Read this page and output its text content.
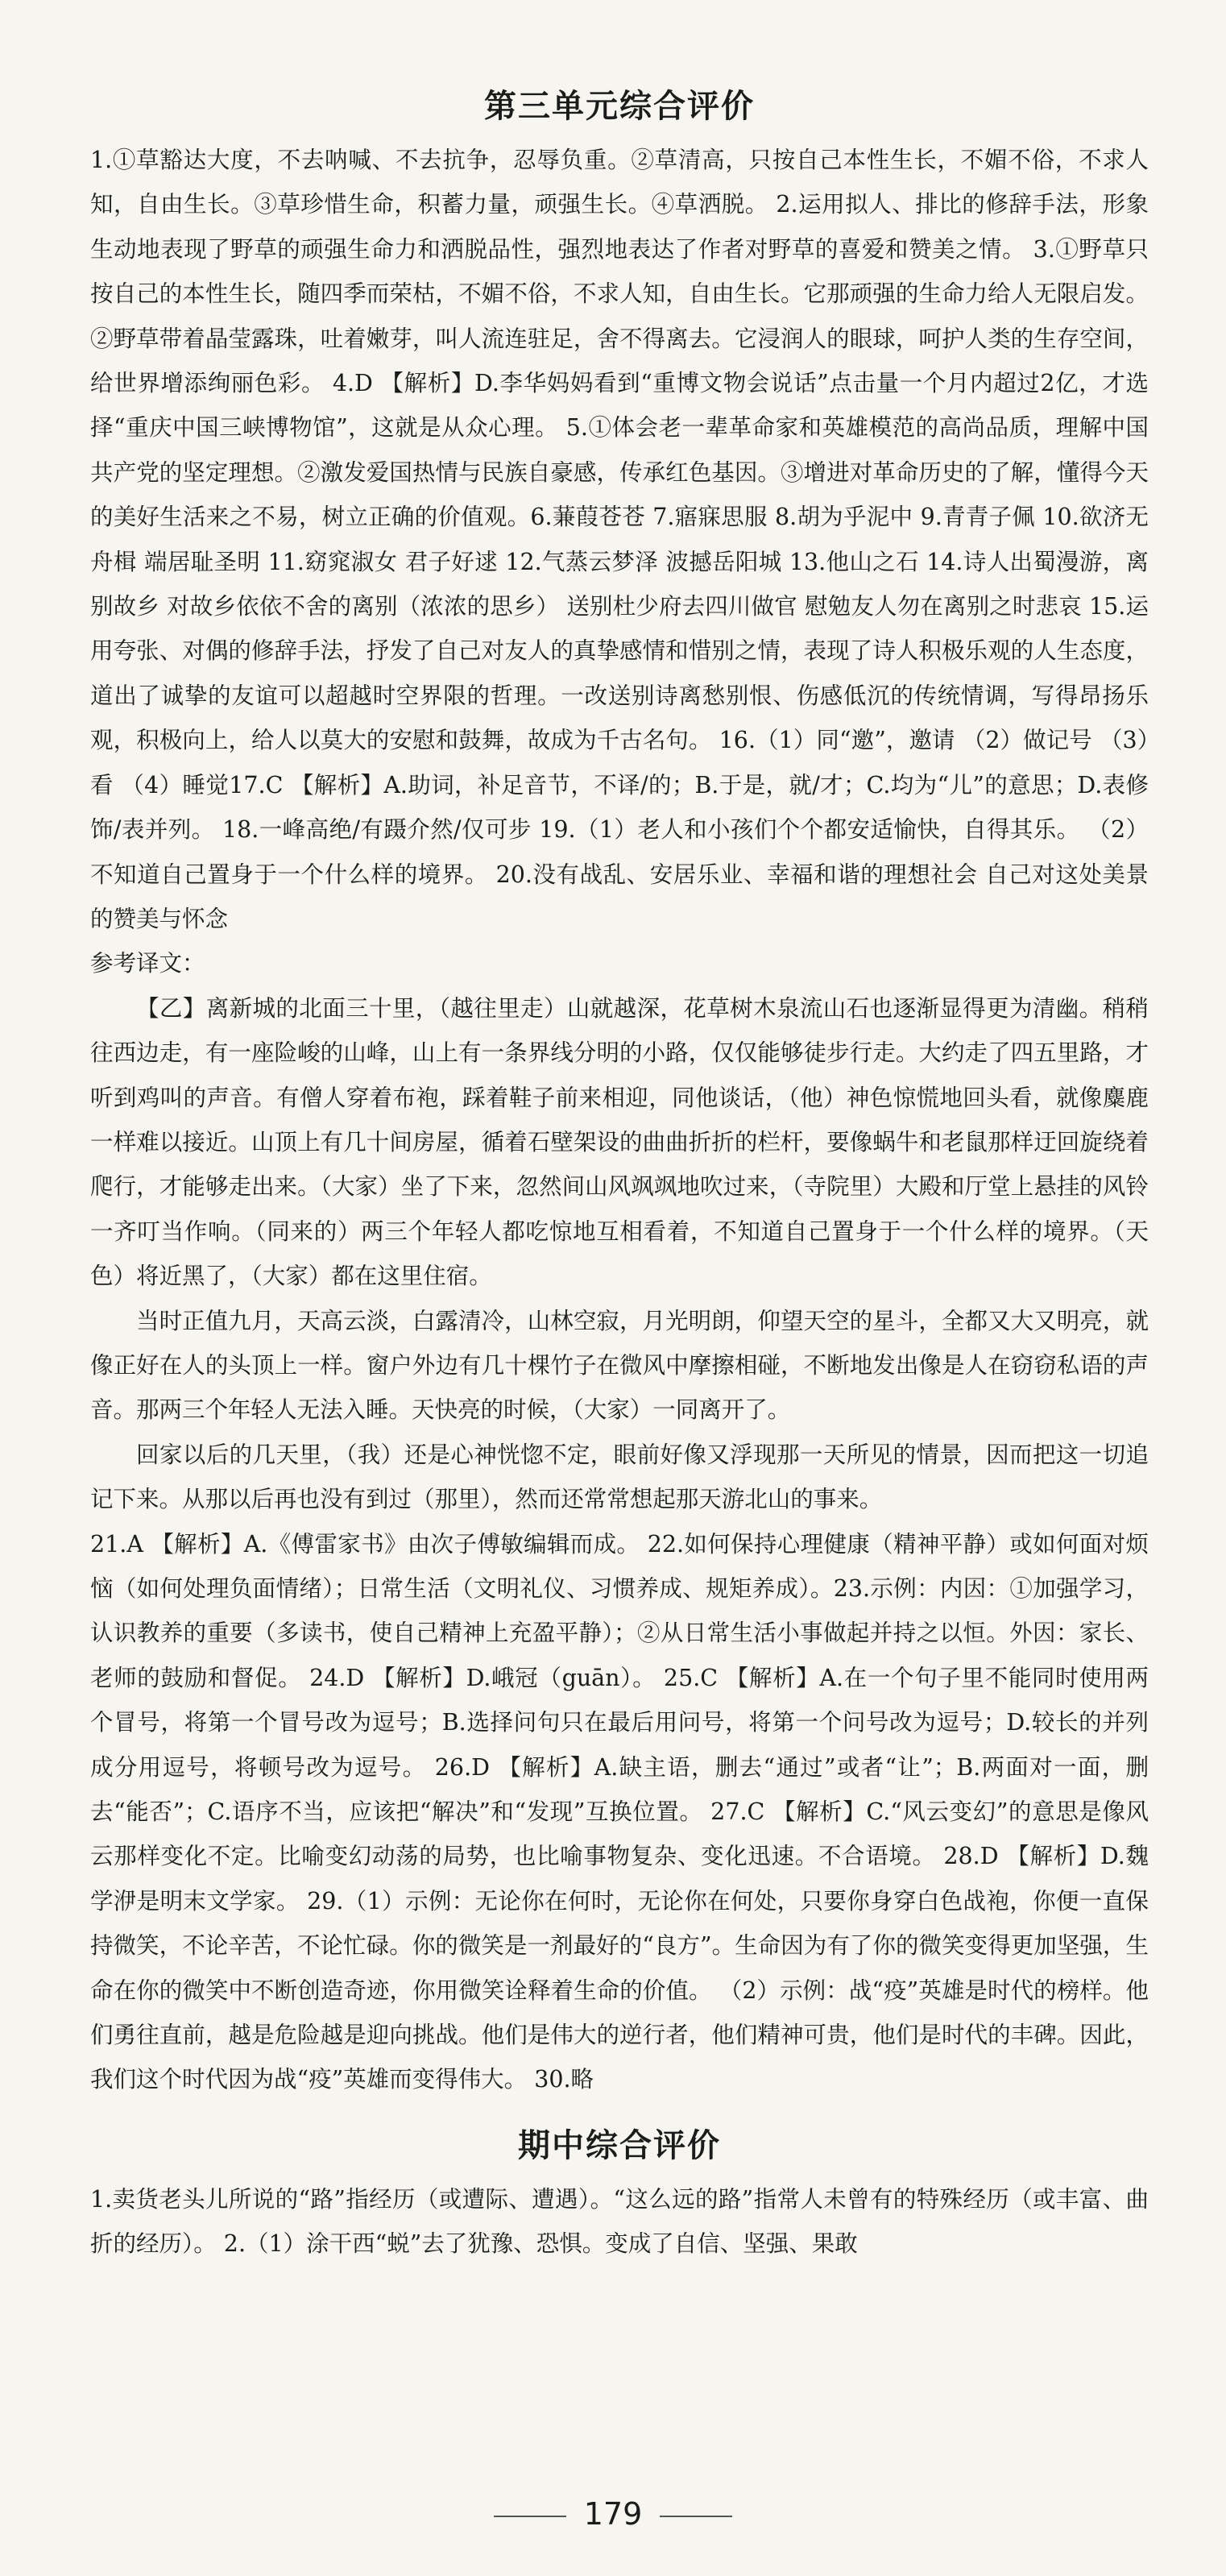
第三单元综合评价

1.①草豁达大度，不去呐喊、不去抗争，忍辱负重。②草清高，只按自己本性生长，不媚不俗，不求人知，自由生长。③草珍惜生命，积蓄力量，顽强生长。④草洒脱。 2.运用拟人、排比的修辞手法，形象生动地表现了野草的顽强生命力和洒脱品性，强烈地表达了作者对野草的喜爱和赞美之情。 3.①野草只按自己的本性生长，随四季而荣枯，不媚不俗，不求人知，自由生长。它那顽强的生命力给人无限启发。②野草带着晶莹露珠，吐着嫩芽，叫人流连驻足，舍不得离去。它浸润人的眼球，呵护人类的生存空间，给世界增添绚丽色彩。 4.D 【解析】D.李华妈妈看到“重博文物会说话”点击量一个月内超过2亿，才选择“重庆中国三峡博物馆”，这就是从众心理。 5.①体会老一辈革命家和英雄模范的高尚品质，理解中国共产党的坚定理想。②激发爱国热情与民族自豪感，传承红色基因。③增进对革命历史的了解，懂得今天的美好生活来之不易，树立正确的价值观。6.蒹葭苍苍 7.寤寐思服 8.胡为乎泥中 9.青青子佩 10.欲济无舟楫 端居耻圣明 11.窈窕淑女 君子好逑 12.气蒸云梦泽 波撼岳阳城 13.他山之石 14.诗人出蜀漫游，离别故乡 对故乡依依不舍的离别（浓浓的思乡） 送别杜少府去四川做官 慰勉友人勿在离别之时悲哀 15.运用夸张、对偶的修辞手法，抒发了自己对友人的真挚感情和惜别之情，表现了诗人积极乐观的人生态度，道出了诚挚的友谊可以超越时空界限的哲理。一改送别诗离愁别恨、伤感低沉的传统情调，写得昂扬乐观，积极向上，给人以莫大的安慰和鼓舞，故成为千古名句。 16.（1）同“邀”，邀请 （2）做记号 （3）看 （4）睡觉17.C 【解析】A.助词，补足音节，不译/的；B.于是，就/才；C.均为“儿”的意思；D.表修饰/表并列。 18.一峰高绝/有蹑介然/仅可步 19.（1）老人和小孩们个个都安适愉快，自得其乐。 （2）不知道自己置身于一个什么样的境界。 20.没有战乱、安居乐业、幸福和谐的理想社会 自己对这处美景的赞美与怀念

参考译文：

【乙】离新城的北面三十里，（越往里走）山就越深，花草树木泉流山石也逐渐显得更为清幽。稍稍往西边走，有一座险峻的山峰，山上有一条界线分明的小路，仅仅能够徒步行走。大约走了四五里路，才听到鸡叫的声音。有僧人穿着布袍，踩着鞋子前来相迎，同他谈话，（他）神色惊慌地回头看，就像麋鹿一样难以接近。山顶上有几十间房屋，循着石壁架设的曲曲折折的栏杆，要像蜗牛和老鼠那样迂回旋绕着爬行，才能够走出来。（大家）坐了下来，忽然间山风飒飒地吹过来，（寺院里）大殿和厅堂上悬挂的风铃一齐叮当作响。（同来的）两三个年轻人都吃惊地互相看着，不知道自己置身于一个什么样的境界。（天色）将近黑了，（大家）都在这里住宿。

当时正值九月，天高云淡，白露清冷，山林空寂，月光明朗，仰望天空的星斗，全都又大又明亮，就像正好在人的头顶上一样。窗户外边有几十棵竹子在微风中摩擦相碰，不断地发出像是人在窃窃私语的声音。那两三个年轻人无法入睡。天快亮的时候，（大家）一同离开了。

回家以后的几天里，（我）还是心神恍惚不定，眼前好像又浮现那一天所见的情景，因而把这一切追记下来。从那以后再也没有到过（那里），然而还常常想起那天游北山的事来。

21.A 【解析】A.《傅雷家书》由次子傅敏编辑而成。 22.如何保持心理健康（精神平静）或如何面对烦恼（如何处理负面情绪）；日常生活（文明礼仪、习惯养成、规矩养成）。23.示例：内因：①加强学习，认识教养的重要（多读书，使自己精神上充盈平静）；②从日常生活小事做起并持之以恒。外因：家长、老师的鼓励和督促。 24.D 【解析】D.峨冠（guān）。 25.C 【解析】A.在一个句子里不能同时使用两个冒号，将第一个冒号改为逗号；B.选择问句只在最后用问号，将第一个问号改为逗号；D.较长的并列成分用逗号，将顿号改为逗号。 26.D 【解析】A.缺主语，删去“通过”或者“让”；B.两面对一面，删去“能否”；C.语序不当，应该把“解决”和“发现”互换位置。 27.C 【解析】C.“风云变幻”的意思是像风云那样变化不定。比喻变幻动荡的局势，也比喻事物复杂、变化迅速。不合语境。 28.D 【解析】D.魏学洢是明末文学家。 29.（1）示例：无论你在何时，无论你在何处，只要你身穿白色战袍，你便一直保持微笑，不论辛苦，不论忙碌。你的微笑是一剂最好的“良方”。生命因为有了你的微笑变得更加坚强，生命在你的微笑中不断创造奇迹，你用微笑诠释着生命的价值。 （2）示例：战“疫”英雄是时代的榜样。他们勇往直前，越是危险越是迎向挑战。他们是伟大的逆行者，他们精神可贵，他们是时代的丰碑。因此，我们这个时代因为战“疫”英雄而变得伟大。 30.略

期中综合评价

1.卖货老头儿所说的“路”指经历（或遭际、遭遇）。“这么远的路”指常人未曾有的特殊经历（或丰富、曲折的经历）。 2.（1）涂干西“蜕”去了犹豫、恐惧。变成了自信、坚强、果敢

179
